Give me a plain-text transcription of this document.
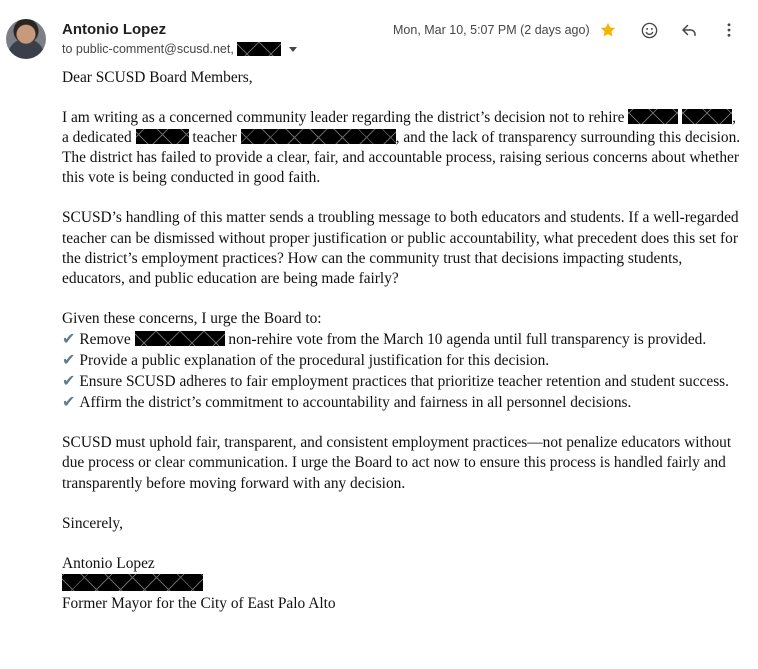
Antonio Lopez
to public-comment@scusd.net,
Mon, Mar 10, 5:07 PM (2 days ago)

Dear SCUSD Board Members,

I am writing as a concerned community leader regarding the district’s decision not to rehire	, a dedicated	teacher	, and the lack of transparency surrounding this decision. The district has failed to provide a clear, fair, and accountable process, raising serious concerns about whether this vote is being conducted in good faith.

SCUSD’s handling of this matter sends a troubling message to both educators and students. If a well-regarded teacher can be dismissed without proper justification or public accountability, what precedent does this set for the district’s employment practices? How can the community trust that decisions impacting students, educators, and public education are being made fairly?

Given these concerns, I urge the Board to:

✔ Remove	non-rehire vote from the March 10 agenda until full transparency is provided.

✔ Provide a public explanation of the procedural justification for this decision.

✔ Ensure SCUSD adheres to fair employment practices that prioritize teacher retention and student success.

✔ Affirm the district’s commitment to accountability and fairness in all personnel decisions.

SCUSD must uphold fair, transparent, and consistent employment practices—not penalize educators without due process or clear communication. I urge the Board to act now to ensure this process is handled fairly and transparently before moving forward with any decision.

Sincerely,

Antonio Lopez

Former Mayor for the City of East Palo Alto
